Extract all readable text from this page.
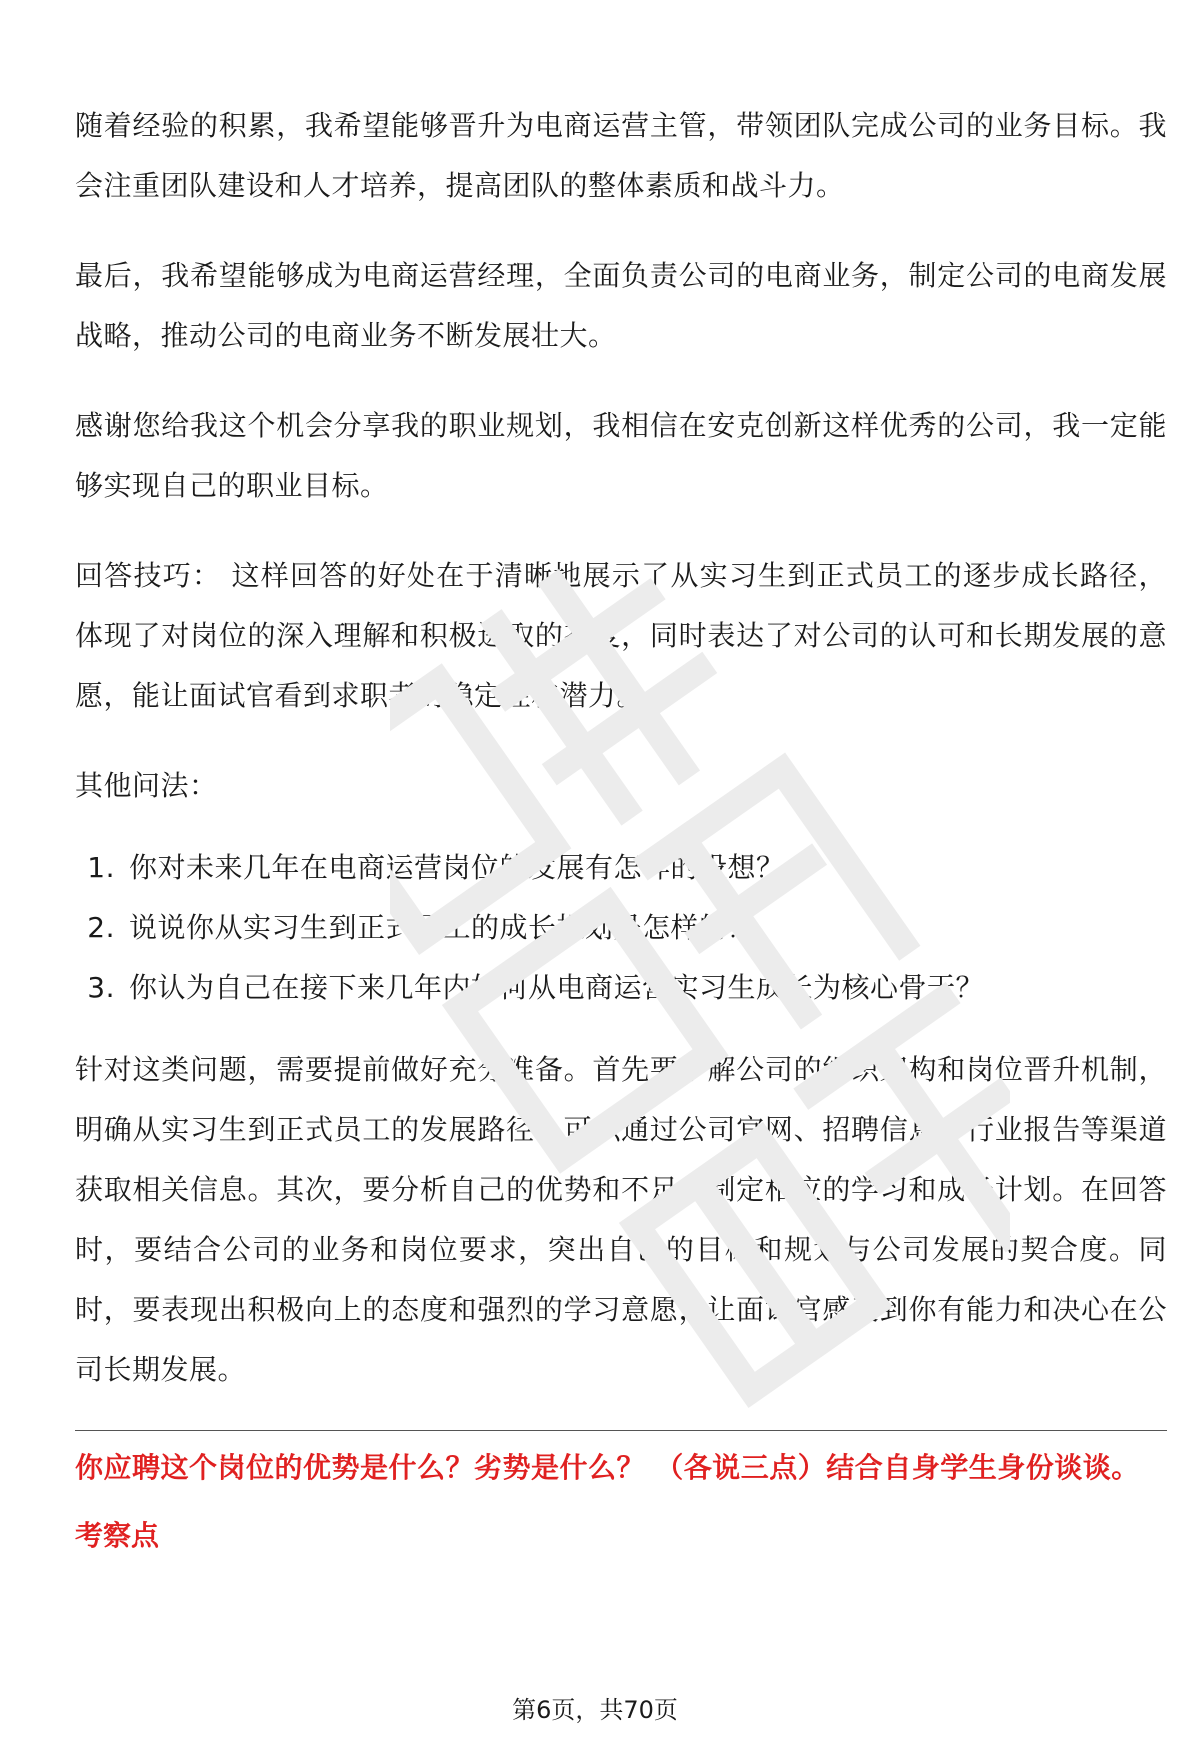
随着经验的积累，我希望能够晋升为电商运营主管，带领团队完成公司的业务目标。我会注重团队建设和人才培养，提高团队的整体素质和战斗力。

最后，我希望能够成为电商运营经理，全面负责公司的电商业务，制定公司的电商发展战略，推动公司的电商业务不断发展壮大。

感谢您给我这个机会分享我的职业规划，我相信在安克创新这样优秀的公司，我一定能够实现自己的职业目标。

回答技巧： 这样回答的好处在于清晰地展示了从实习生到正式员工的逐步成长路径，体现了对岗位的深入理解和积极进取的态度，同时表达了对公司的认可和长期发展的意愿，能让面试官看到求职者的稳定性和潜力。

其他问法：

1. 你对未来几年在电商运营岗位的发展有怎样的设想？
2. 说说你从实习生到正式员工的成长规划是怎样的？
3. 你认为自己在接下来几年内如何从电商运营实习生成长为核心骨干？

针对这类问题，需要提前做好充分准备。首先要了解公司的组织架构和岗位晋升机制，明确从实习生到正式员工的发展路径。可以通过公司官网、招聘信息、行业报告等渠道获取相关信息。其次，要分析自己的优势和不足，制定相应的学习和成长计划。在回答时，要结合公司的业务和岗位要求，突出自己的目标和规划与公司发展的契合度。同时，要表现出积极向上的态度和强烈的学习意愿，让面试官感受到你有能力和决心在公司长期发展。

你应聘这个岗位的优势是什么？劣势是什么？ （各说三点）结合自身学生身份谈谈。

考察点

第6页，共70页
